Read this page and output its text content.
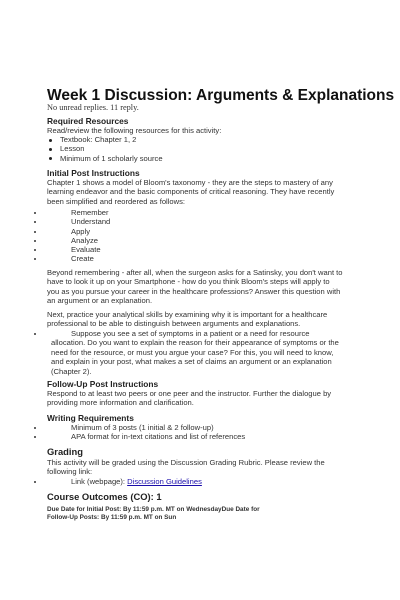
Week 1 Discussion: Arguments & Explanations
No unread replies. 11 reply.
Required Resources
Read/review the following resources for this activity:
Textbook: Chapter 1, 2
Lesson
Minimum of 1 scholarly source
Initial Post Instructions
Chapter 1 shows a model of Bloom's taxonomy - they are the steps to mastery of any
learning endeavor and the basic components of critical reasoning. They have recently
been simplified and reordered as follows:
Remember
Understand
Apply
Analyze
Evaluate
Create
Beyond remembering - after all, when the surgeon asks for a Satinsky, you don't want to
have to look it up on your Smartphone - how do you think Bloom's steps will apply to
you as you pursue your career in the healthcare professions? Answer this question with
an argument or an explanation.
Next, practice your analytical skills by examining why it is important for a healthcare
professional to be able to distinguish between arguments and explanations.
Suppose you see a set of symptoms in a patient or a need for resource
allocation. Do you want to explain the reason for their appearance of symptoms or the
need for the resource, or must you argue your case? For this, you will need to know,
and explain in your post, what makes a set of claims an argument or an explanation
(Chapter 2).
Follow-Up Post Instructions
Respond to at least two peers or one peer and the instructor. Further the dialogue by
providing more information and clarification.
Writing Requirements
Minimum of 3 posts (1 initial & 2 follow-up)
APA format for in-text citations and list of references
Grading
This activity will be graded using the Discussion Grading Rubric. Please review the
following link:
Link (webpage): Discussion Guidelines
Course Outcomes (CO): 1
Due Date for Initial Post: By 11:59 p.m. MT on WednesdayDue Date for
Follow-Up Posts: By 11:59 p.m. MT on Sun
